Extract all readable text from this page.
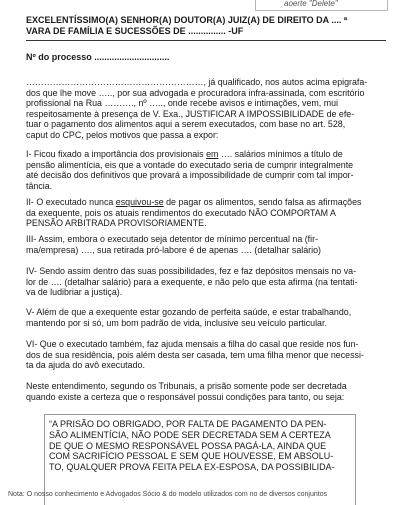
aoerte "Delete"
EXCELENTÍSSIMO(A) SENHOR(A) DOUTOR(A) JUIZ(A) DE DIREITO DA .... ª
VARA DE FAMÍLIA E SUCESSÕES DE ............... -UF
Nº do processo ..............................
……………………………………………………, já qualificado, nos autos acima epigrafa-
dos que lhe move ….., por sua advogada e procuradora infra-assinada, com escritório
profissional na Rua ………., nº ….., onde recebe avisos e intimações, vem, mui
respeitosamente à presença de V. Exa., JUSTIFICAR A IMPOSSIBILIDADE de efe-
tuar o pagamento dos alimentos aqui a serem executados, com base no art. 528,
caput do CPC, pelos motivos que passa a expor:
I- Ficou fixado a importância dos provisionais em …. salários mínimos a título de
pensão alimentícia, eis que a vontade do executado seria de cumprir integralmente
até decisão dos definitivos que provará a impossibilidade de cumprir com tal impor-
tância.
II- O executado nunca esquivou-se de pagar os alimentos, sendo falsa as afirmações
da exequente, pois os atuais rendimentos do executado NÃO COMPORTAM A
PENSÃO ARBITRADA PROVISORIAMENTE.
III- Assim, embora o executado seja detentor de mínimo percentual na (fir-
ma/empresa) …., sua retirada pró-labore é de apenas …. (detalhar salário)
IV- Sendo assim dentro das suas possibilidades, fez e faz depósitos mensais no va-
lor de …. (detalhar salário) para a exequente, e não pelo que esta afirma (na tentati-
va de ludibriar a justiça).
V- Além de que a exequente estar gozando de perfeita saúde, e estar trabalhando,
mantendo por si só, um bom padrão de vida, inclusive seu veículo particular.
VI- Que o executado também, faz ajuda mensais a filha do casal que reside nos fun-
dos de sua residência, pois além desta ser casada, tem uma filha menor que necessi-
ta da ajuda do avô executado.
Neste entendimento, segundo os Tribunais, a prisão somente pode ser decretada
quando existe a certeza que o responsável possui condições para tanto, ou seja:
“A PRISÃO DO OBRIGADO, POR FALTA DE PAGAMENTO DA PEN-
SÃO ALIMENTÍCIA, NÃO PODE SER DECRETADA SEM A CERTEZA
DE QUE O MESMO RESPONSÁVEL POSSA PAGÁ-LA, AINDA QUE
COM SACRIFÍCIO PESSOAL E SEM QUE HOUVESSE, EM ABSOLU-
TO, QUALQUER PROVA FEITA PELA EX-ESPOSA, DA POSSIBILIDA-
Nota: O nosso conhecimento e Advogados Sócio & do modelo utilizados com no de diversos conjuntos
